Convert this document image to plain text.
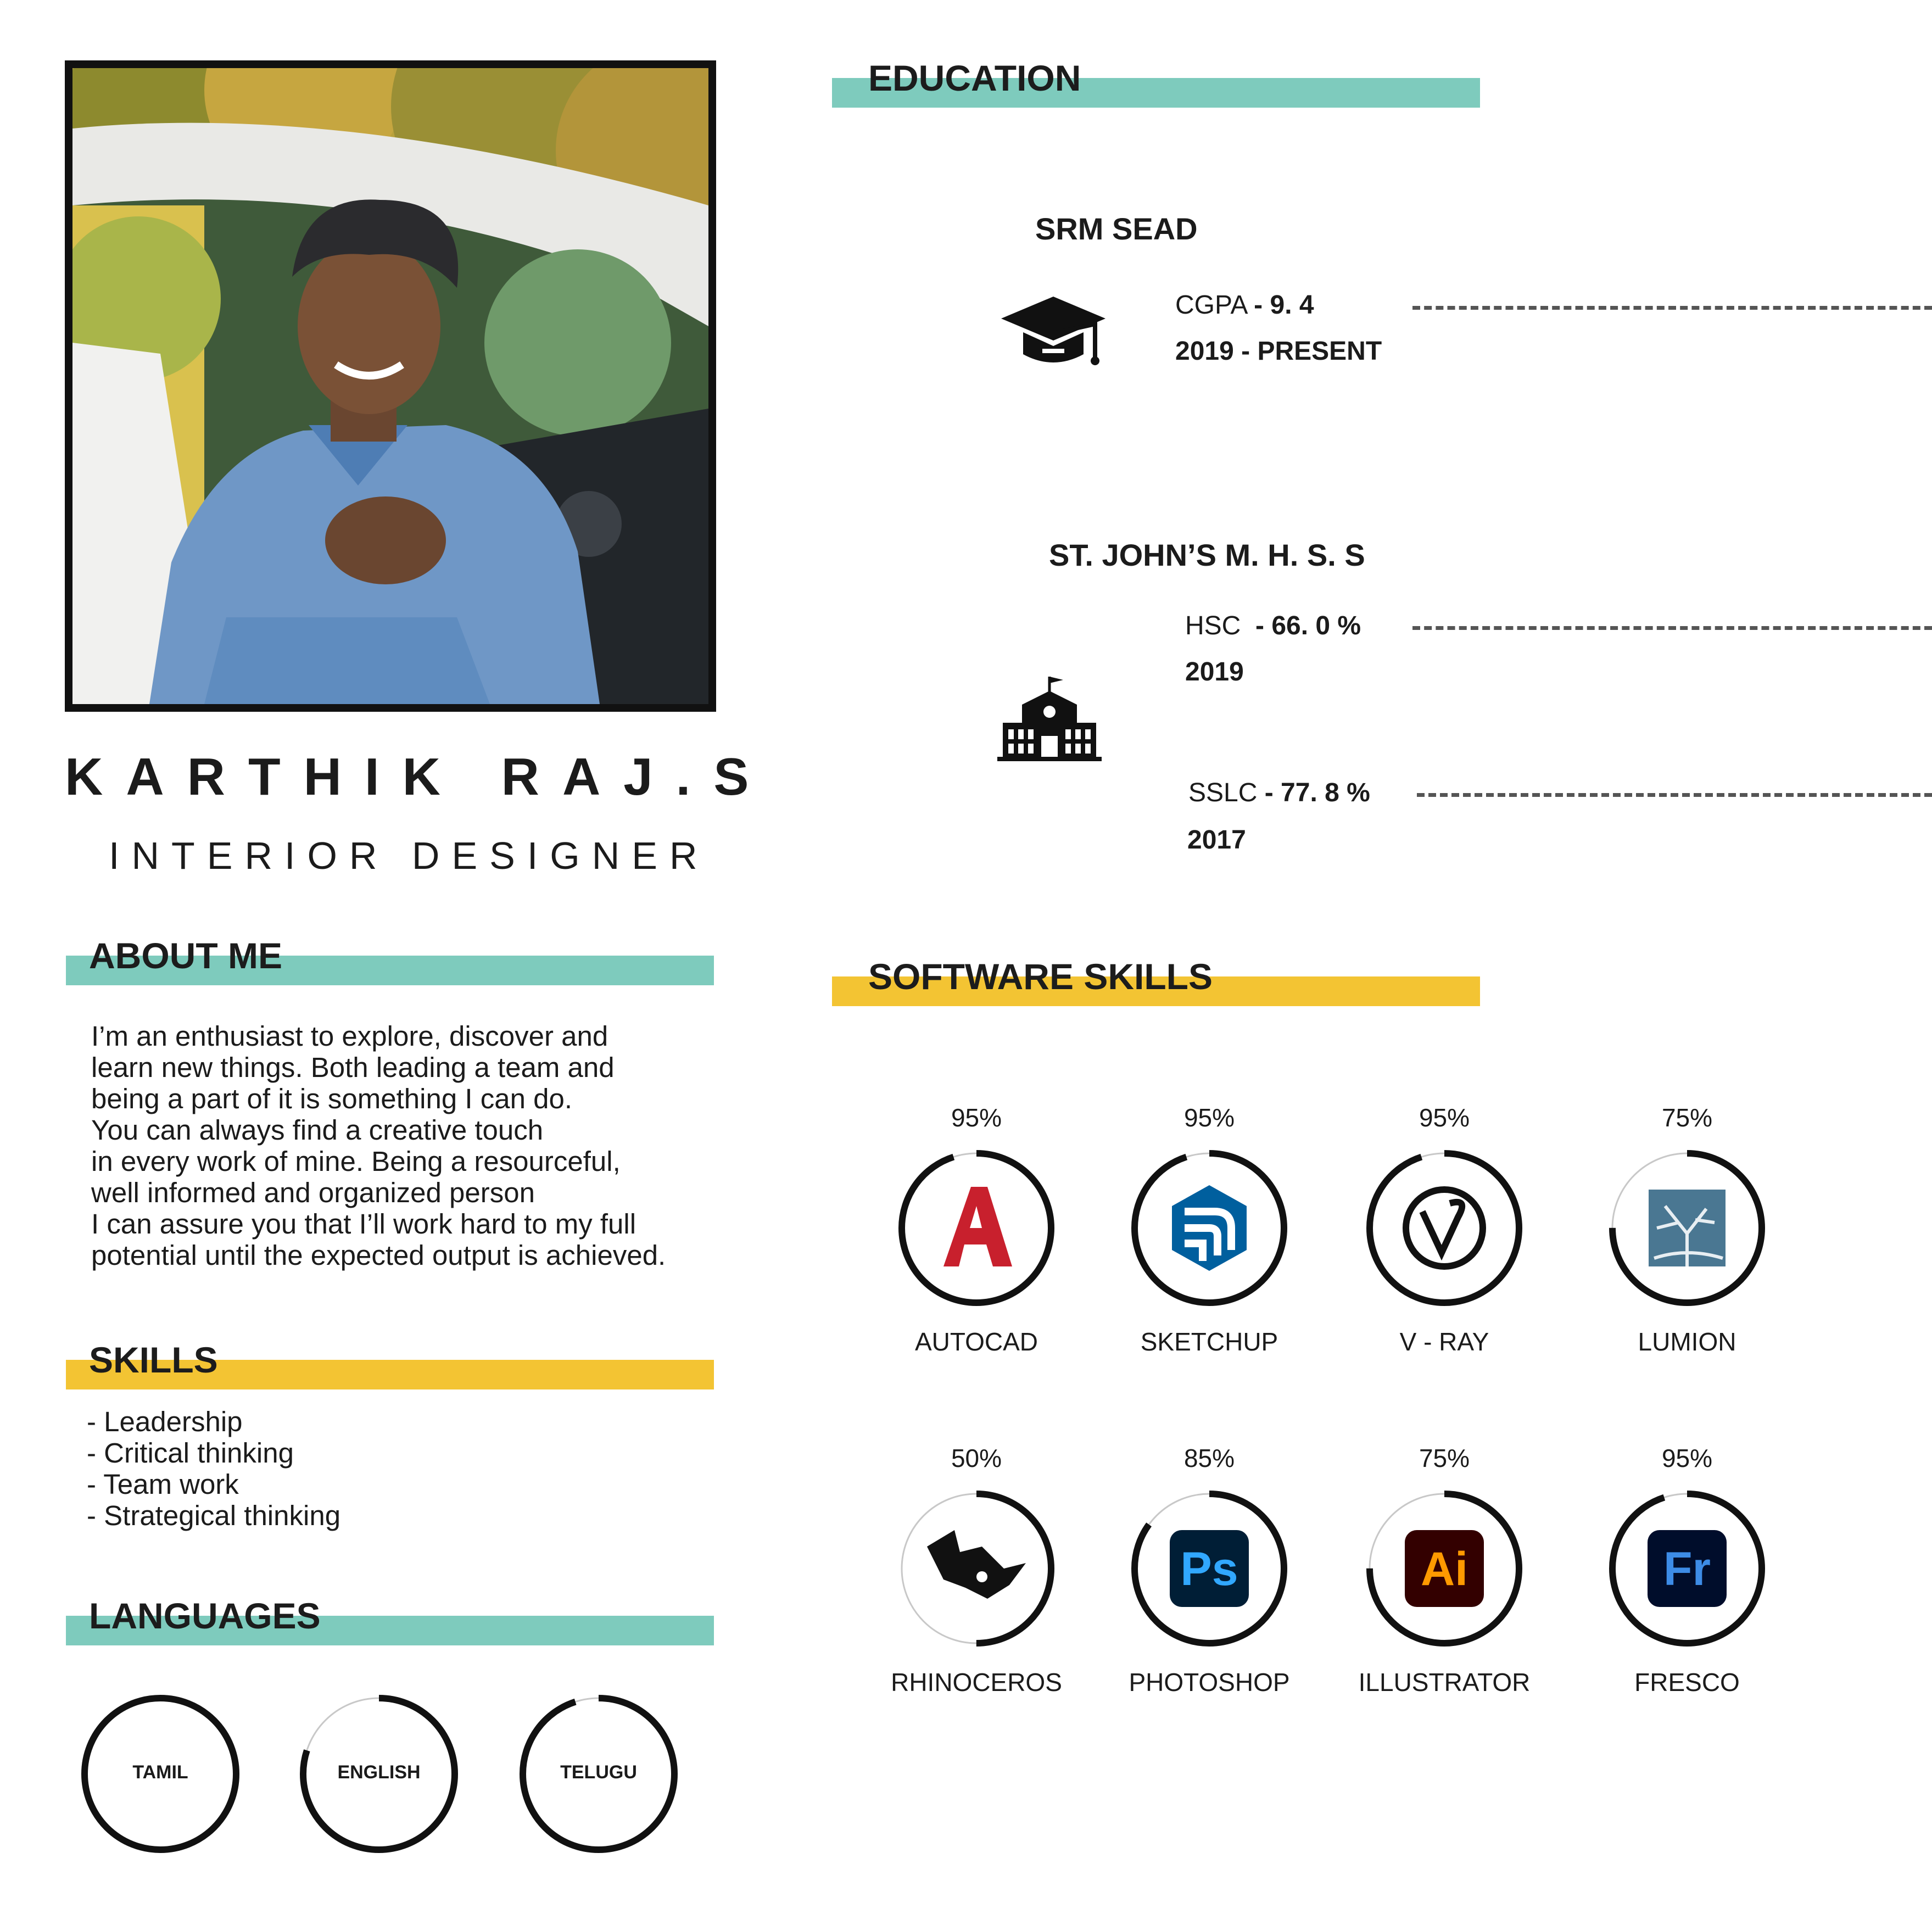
KARTHIK RAJ.S
INTERIOR DESIGNER
ABOUT ME

I’m an enthusiast to explore, discover and

learn new things. Both leading a team and

being a part of it is something I can do.

You can always find a creative touch

in every work of mine. Being a resourceful,

well informed and organized person

I can assure you that I’ll work hard to my full

potential until the expected output is achieved.

SKILLS
- Leadership
- Critical thinking
- Team work
- Strategical thinking
LANGUAGES
TAMIL	ENGLISH	TELUGU
EDUCATION
SRM SEAD
CGPA - 9. 4
2019 - PRESENT
ST. JOHN’S M. H. S. S
HSC - 66. 0 %
2019
SSLC - 77. 8 %
2017
SOFTWARE SKILLS
95%
AUTOCAD
95%
SKETCHUP
95%
V - RAY
75%
LUMION
50%
RHINOCEROS
85%
Ps
PHOTOSHOP
75%
Ai
ILLUSTRATOR
95%
Fr
FRESCO
